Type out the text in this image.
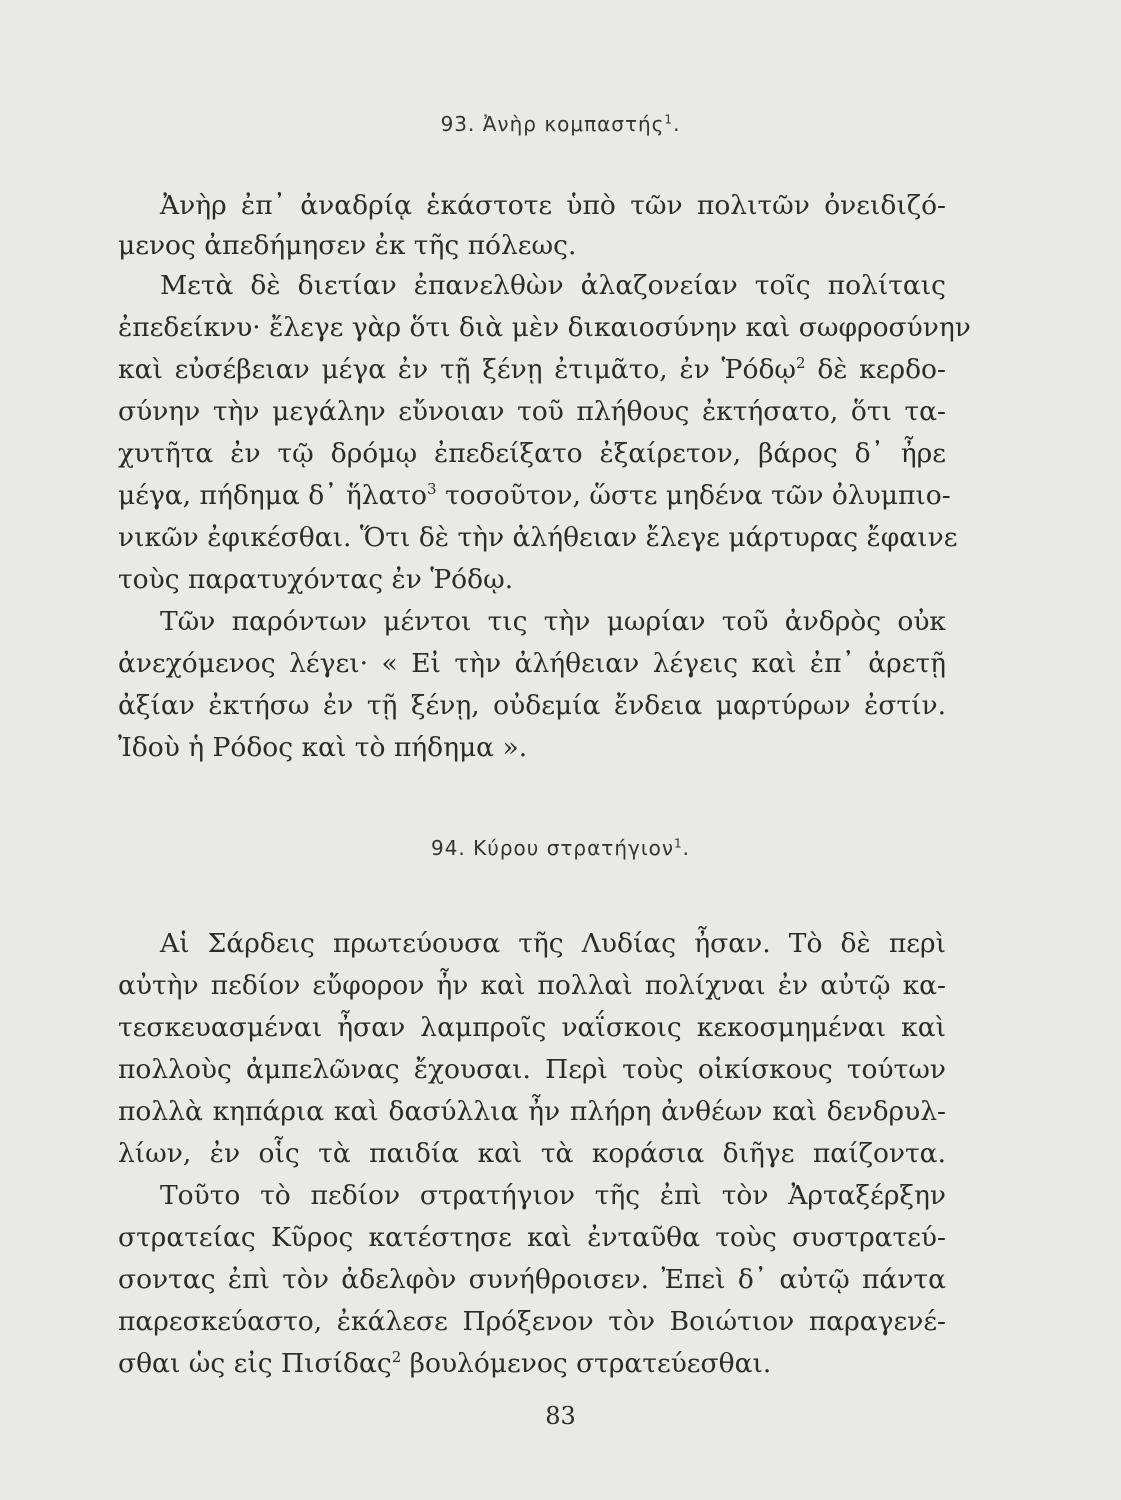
93. Ἀνὴρ κομπαστής$^1$.
Ἀνὴρ ἐπ᾽ ἀναδρίᾳ ἑκάστοτε ὑπὸ τῶν πολιτῶν ὀνειδιζό-
μενος ἀπεδήμησεν ἐκ τῆς πόλεως.
Μετὰ δὲ διετίαν ἐπανελθὼν ἀλαζονείαν τοῖς πολίταις
ἐπεδείκνυ· ἔλεγε γὰρ ὅτι διὰ μὲν δικαιοσύνην καὶ σωφροσύνην
καὶ εὐσέβειαν μέγα ἐν τῇ ξένῃ ἐτιμᾶτο, ἐν Ῥόδῳ$^2$ δὲ κερδο-
σύνην τὴν μεγάλην εὔνοιαν τοῦ πλήθους ἐκτήσατο, ὅτι τα-
χυτῆτα ἐν τῷ δρόμῳ ἐπεδείξατο ἐξαίρετον, βάρος δ᾽ ἦρε
μέγα, πήδημα δ᾽ ἥλατο$^3$ τοσοῦτον, ὥστε μηδένα τῶν ὀλυμπιο-
νικῶν ἐφικέσθαι. Ὅτι δὲ τὴν ἀλήθειαν ἔλεγε μάρτυρας ἔφαινε
τοὺς παρατυχόντας ἐν Ῥόδῳ.
Τῶν παρόντων μέντοι τις τὴν μωρίαν τοῦ ἀνδρὸς οὐκ
ἀνεχόμενος λέγει· « Εἰ τὴν ἀλήθειαν λέγεις καὶ ἐπ᾽ ἀρετῇ
ἀξίαν ἐκτήσω ἐν τῇ ξένῃ, οὐδεμία ἔνδεια μαρτύρων ἐστίν.
Ἰδοὺ ἡ Ρόδος καὶ τὸ πήδημα ».
94. Κύρου στρατήγιον$^1$.
Αἱ Σάρδεις πρωτεύουσα τῆς Λυδίας ἦσαν. Τὸ δὲ περὶ
αὐτὴν πεδίον εὔφορον ἦν καὶ πολλαὶ πολίχναι ἐν αὐτῷ κα-
τεσκευασμέναι ἦσαν λαμπροῖς ναΐσκοις κεκοσμημέναι καὶ
πολλοὺς ἀμπελῶνας ἔχουσαι. Περὶ τοὺς οἰκίσκους τούτων
πολλὰ κηπάρια καὶ δασύλλια ἦν πλήρη ἀνθέων καὶ δενδρυλ-
λίων, ἐν οἷς τὰ παιδία καὶ τὰ κοράσια διῆγε παίζοντα.
Τοῦτο τὸ πεδίον στρατήγιον τῆς ἐπὶ τὸν Ἀρταξέρξην
στρατείας Κῦρος κατέστησε καὶ ἐνταῦθα τοὺς συστρατεύ-
σοντας ἐπὶ τὸν ἀδελφὸν συνήθροισεν. Ἐπεὶ δ᾽ αὐτῷ πάντα
παρεσκεύαστο, ἐκάλεσε Πρόξενον τὸν Βοιώτιον παραγενέ-
σθαι ὡς εἰς Πισίδας$^2$ βουλόμενος στρατεύεσθαι.
83
